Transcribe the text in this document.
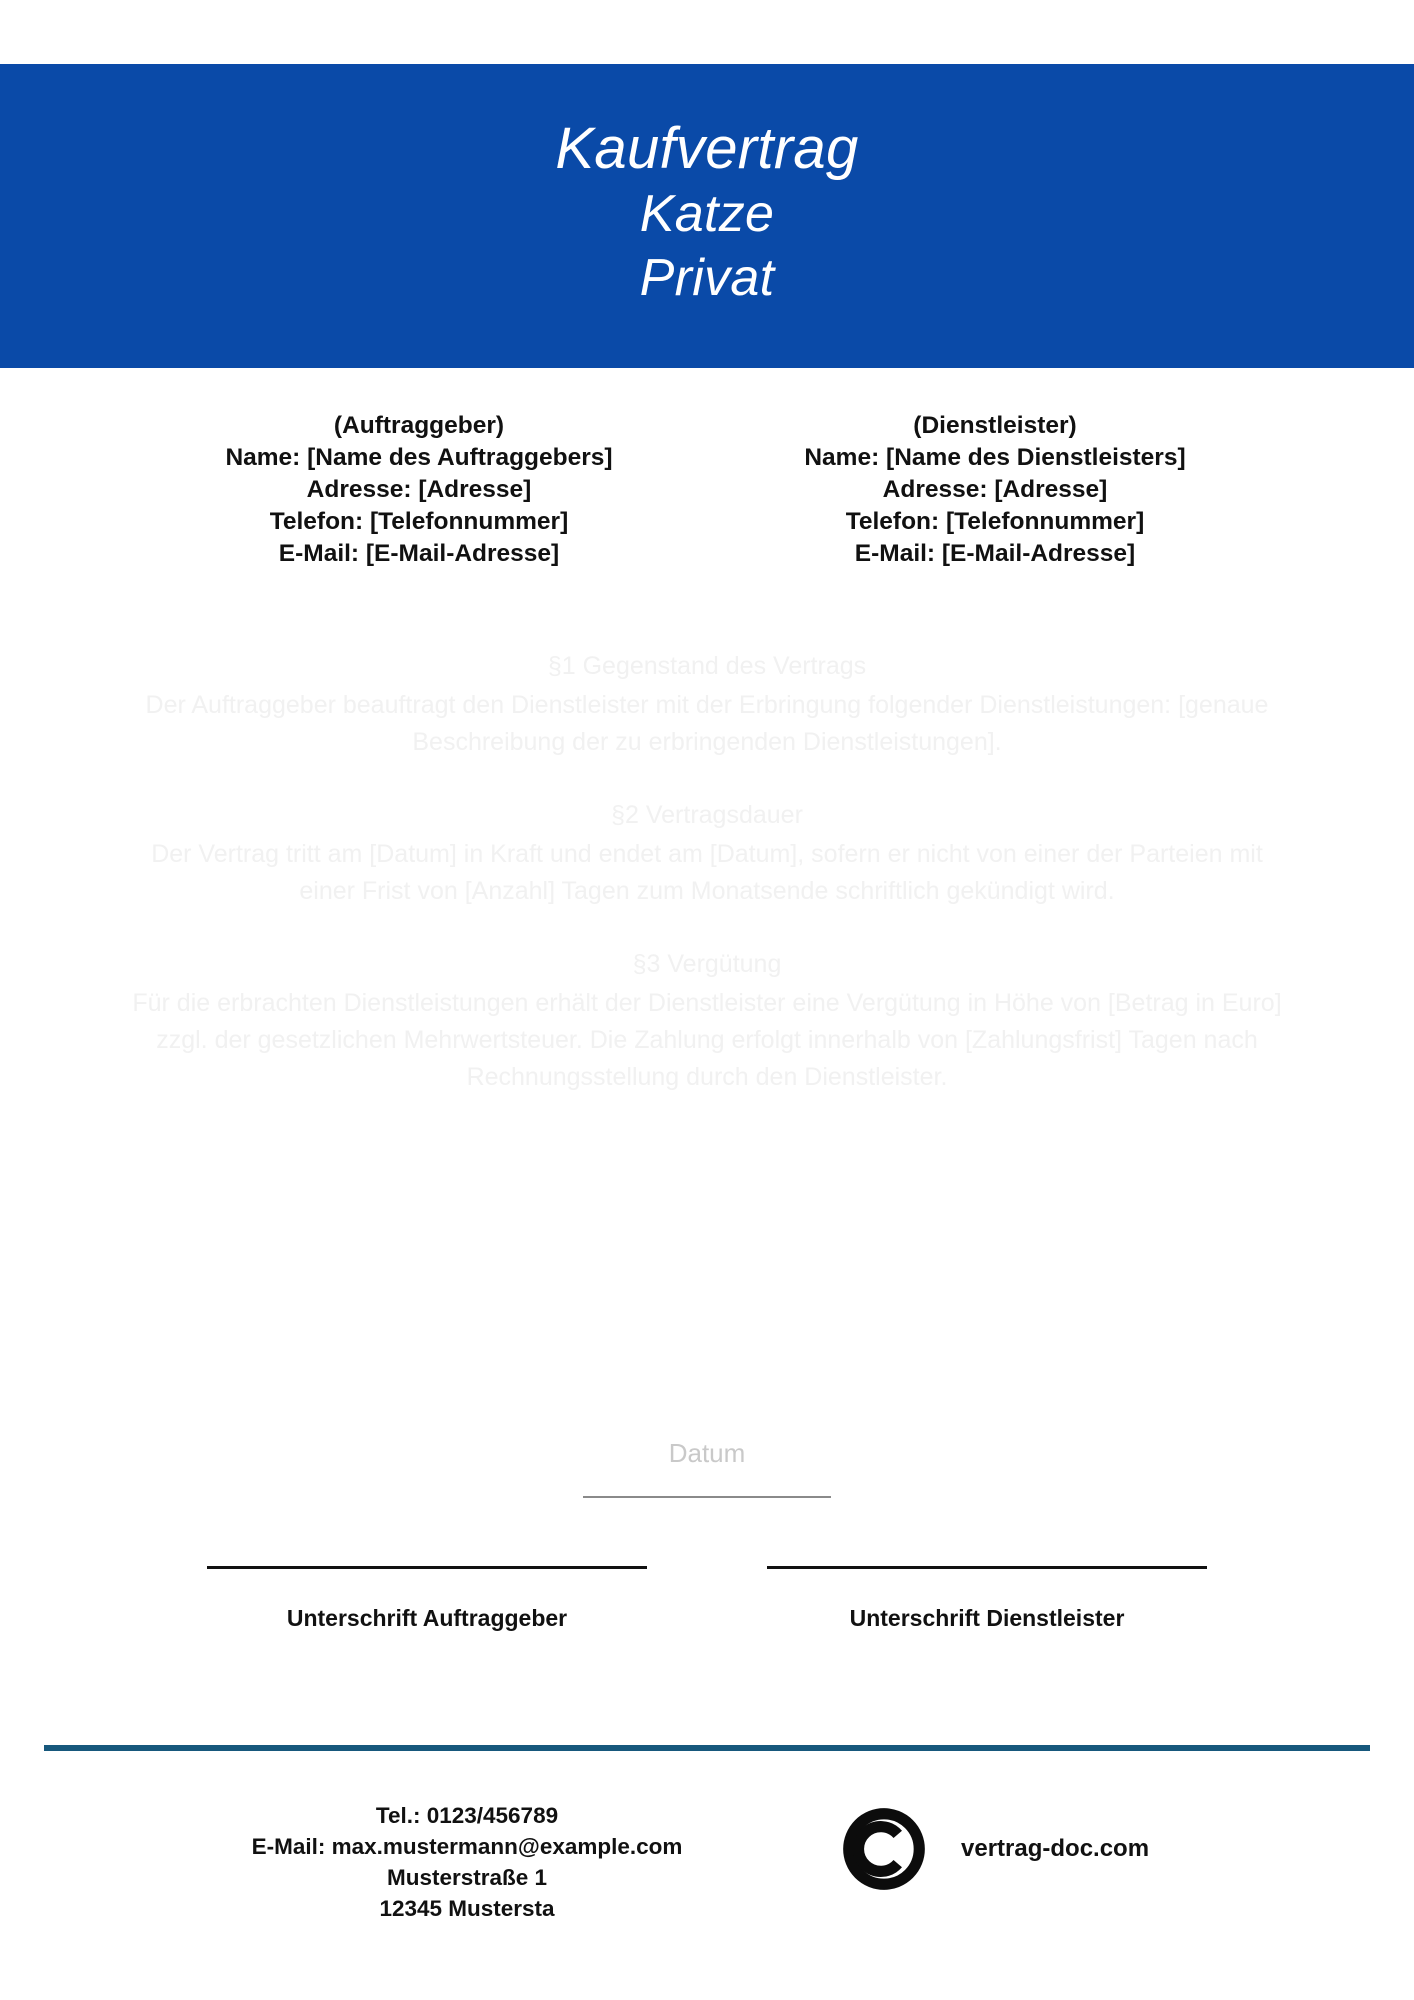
Kaufvertrag
Katze
Privat
(Auftraggeber)
Name: [Name des Auftraggebers]
Adresse: [Adresse]
Telefon: [Telefonnummer]
E-Mail: [E-Mail-Adresse]
(Dienstleister)
Name: [Name des Dienstleisters]
Adresse: [Adresse]
Telefon: [Telefonnummer]
E-Mail: [E-Mail-Adresse]
§1 Gegenstand des Vertrags
Der Auftraggeber beauftragt den Dienstleister mit der Erbringung folgender Dienstleistungen: [genaue Beschreibung der zu erbringenden Dienstleistungen].
§2 Vertragsdauer
Der Vertrag tritt am [Datum] in Kraft und endet am [Datum], sofern er nicht von einer der Parteien mit einer Frist von [Anzahl] Tagen zum Monatsende schriftlich gekündigt wird.
§3 Vergütung
Für die erbrachten Dienstleistungen erhält der Dienstleister eine Vergütung in Höhe von [Betrag in Euro] zzgl. der gesetzlichen Mehrwertsteuer. Die Zahlung erfolgt innerhalb von [Zahlungsfrist] Tagen nach Rechnungsstellung durch den Dienstleister.
Datum
Unterschrift Auftraggeber	Unterschrift Dienstleister
Tel.: 0123/456789
E-Mail: max.mustermann@example.com
Musterstraße 1
12345 Mustersta
vertrag-doc.com
